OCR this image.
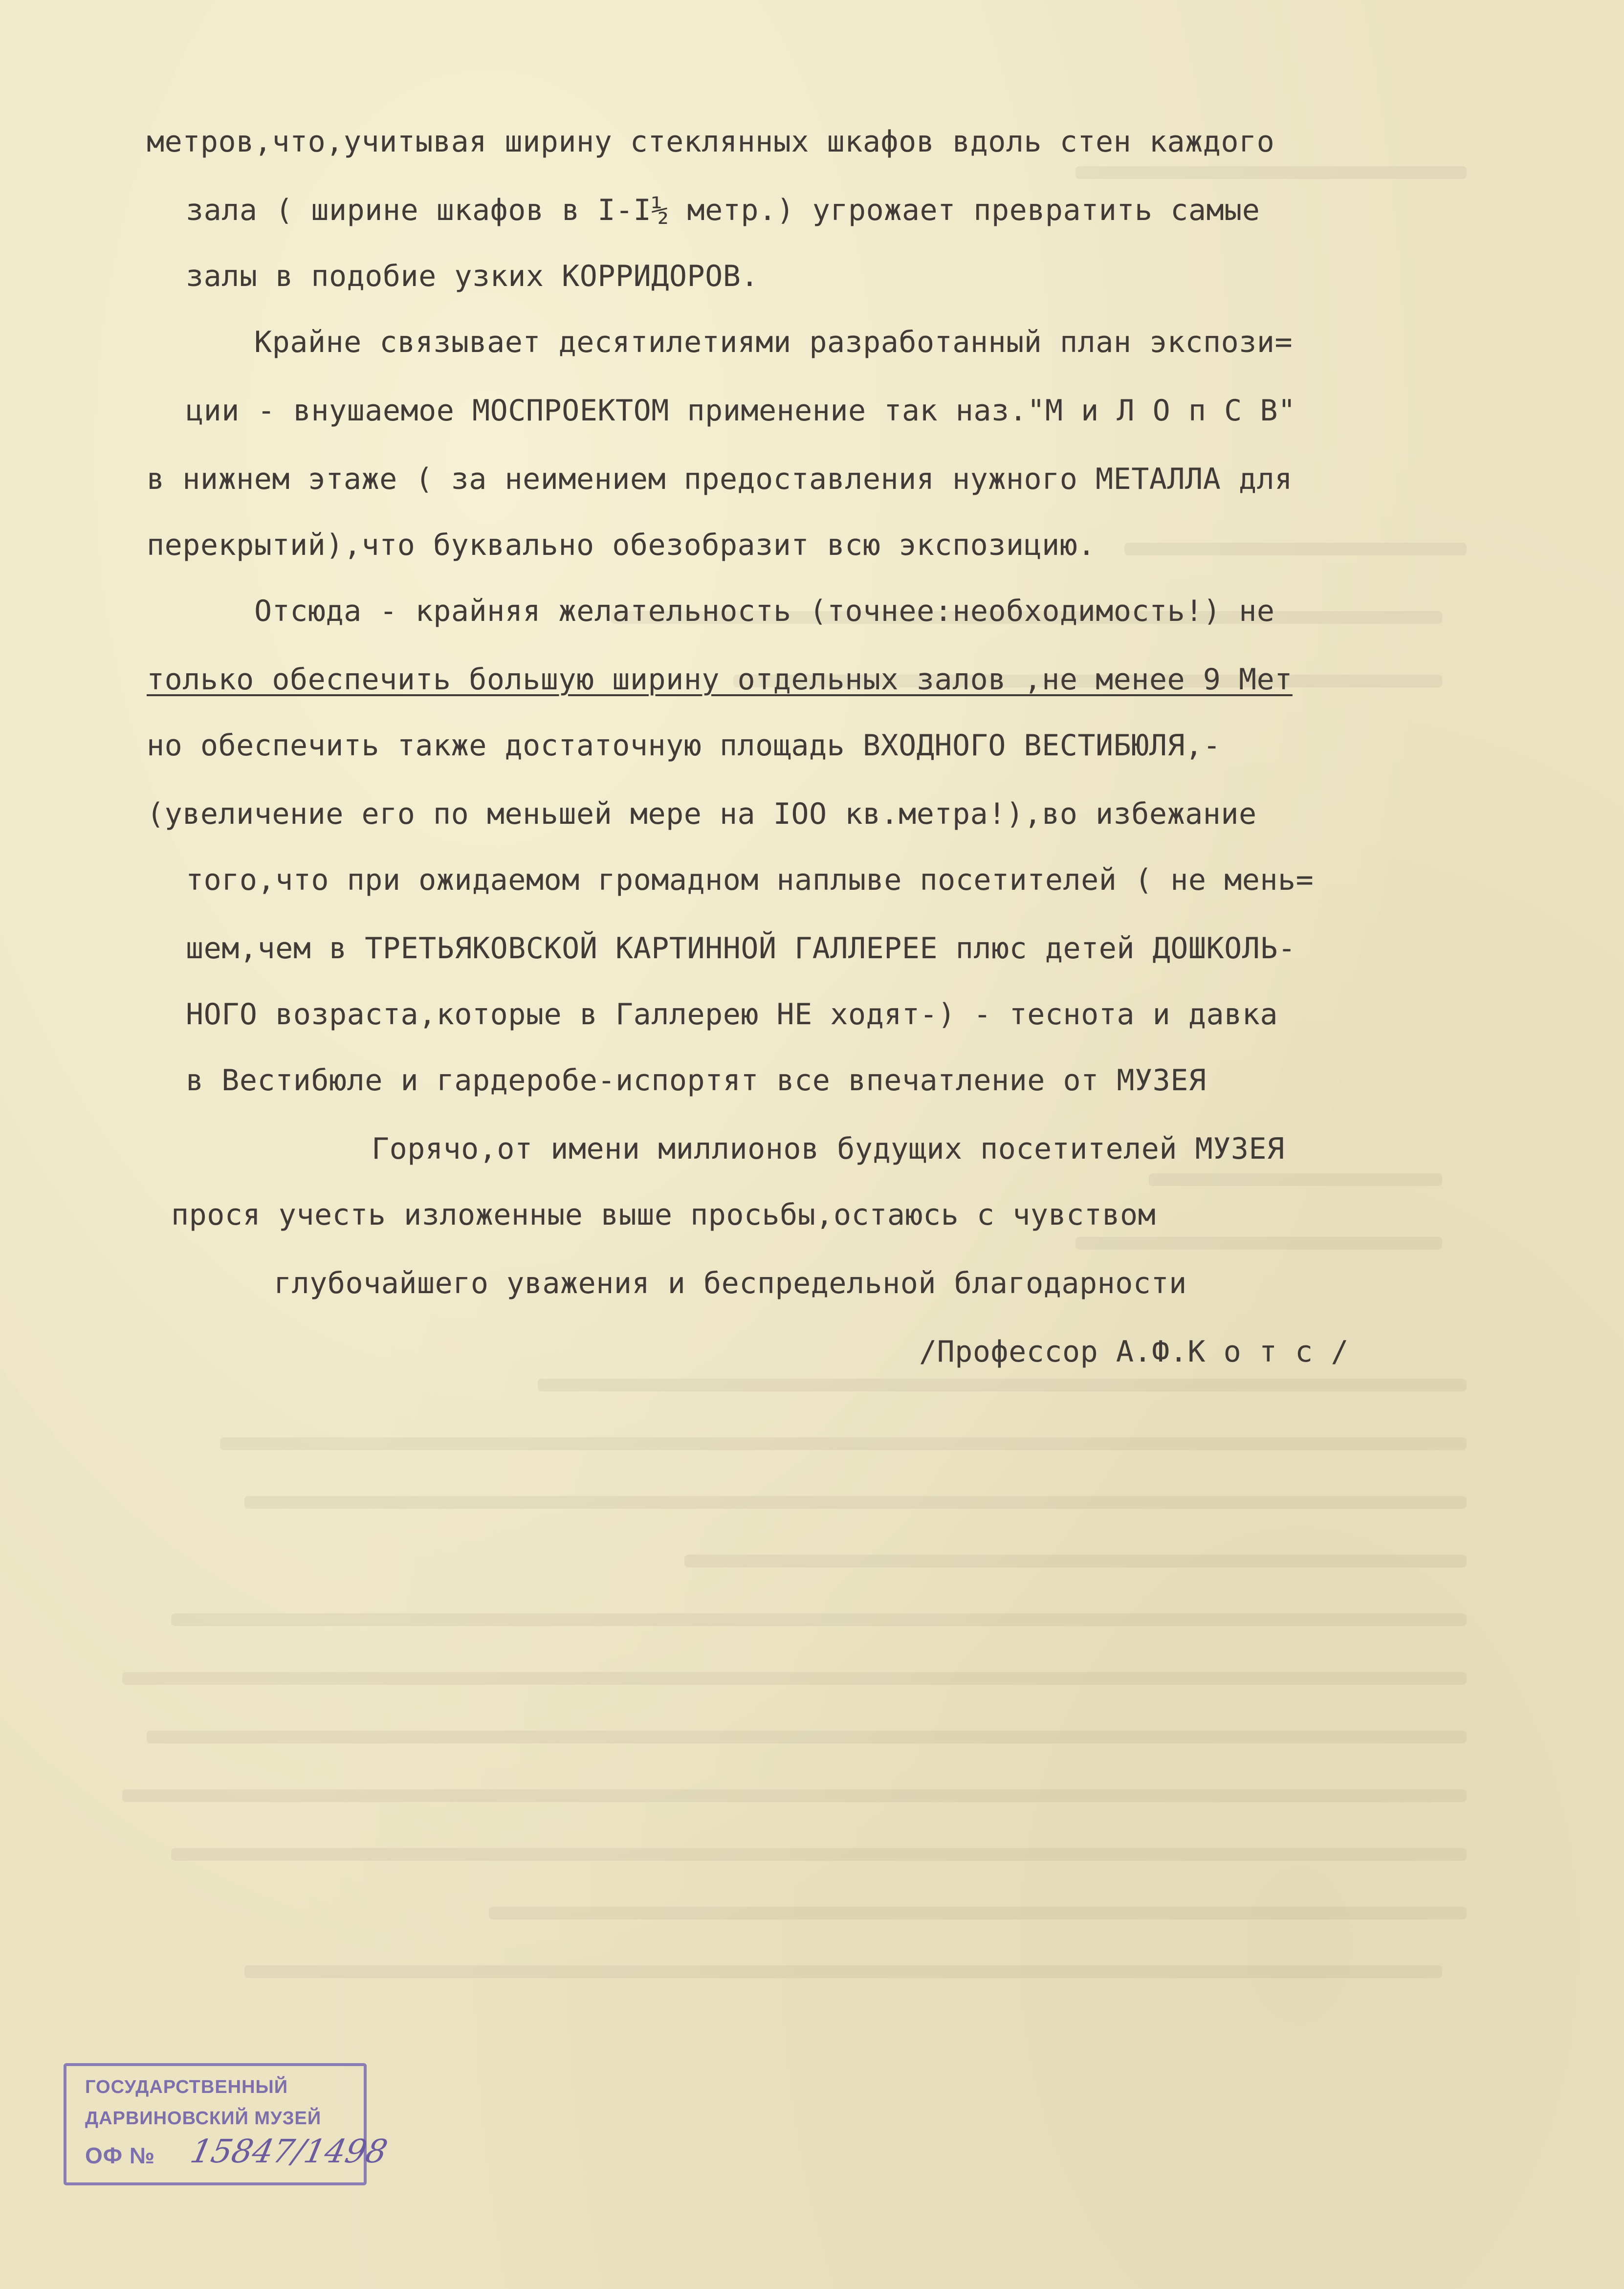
метров,что,учитывая ширину стеклянных шкафов вдоль стен каждого
зала ( ширине шкафов в I-I½ метр.) угрожает превратить самые
залы в подобие узких КОРРИДОРОВ.
Крайне связывает десятилетиями разработанный план экспози=
ции - внушаемое МОСПРОЕКТОМ применение так наз."М и Л О п С В"
в нижнем этаже ( за неимением предоставления нужного МЕТАЛЛА для
перекрытий),что буквально обезобразит всю экспозицию.
Отсюда - крайняя желательность (точнее:необходимость!) не
только обеспечить большую ширину отдельных залов ,не менее 9 Мет
но обеспечить также достаточную площадь ВХОДНОГО ВЕСТИБЮЛЯ,-
(увеличение его по меньшей мере на IOO кв.метра!),во избежание
того,что при ожидаемом громадном наплыве посетителей ( не мень=
шем,чем в ТРЕТЬЯКОВСКОЙ КАРТИННОЙ ГАЛЛЕРЕЕ плюс детей ДОШКОЛЬ-
НОГО возраста,которые в Галлерею НЕ ходят-) - теснота и давка
в Вестибюле и гардеробе-испортят все впечатление от МУЗЕЯ
Горячо,от имени миллионов будущих посетителей МУЗЕЯ
прося учесть изложенные выше просьбы,остаюсь с чувством
глубочайшего уважения и беспредельной благодарности
/Профессор А.Ф.К о т с /
ГОСУДАРСТВЕННЫЙ
ДАРВИНОВСКИЙ МУЗЕЙ
ОФ № 15847/1498
